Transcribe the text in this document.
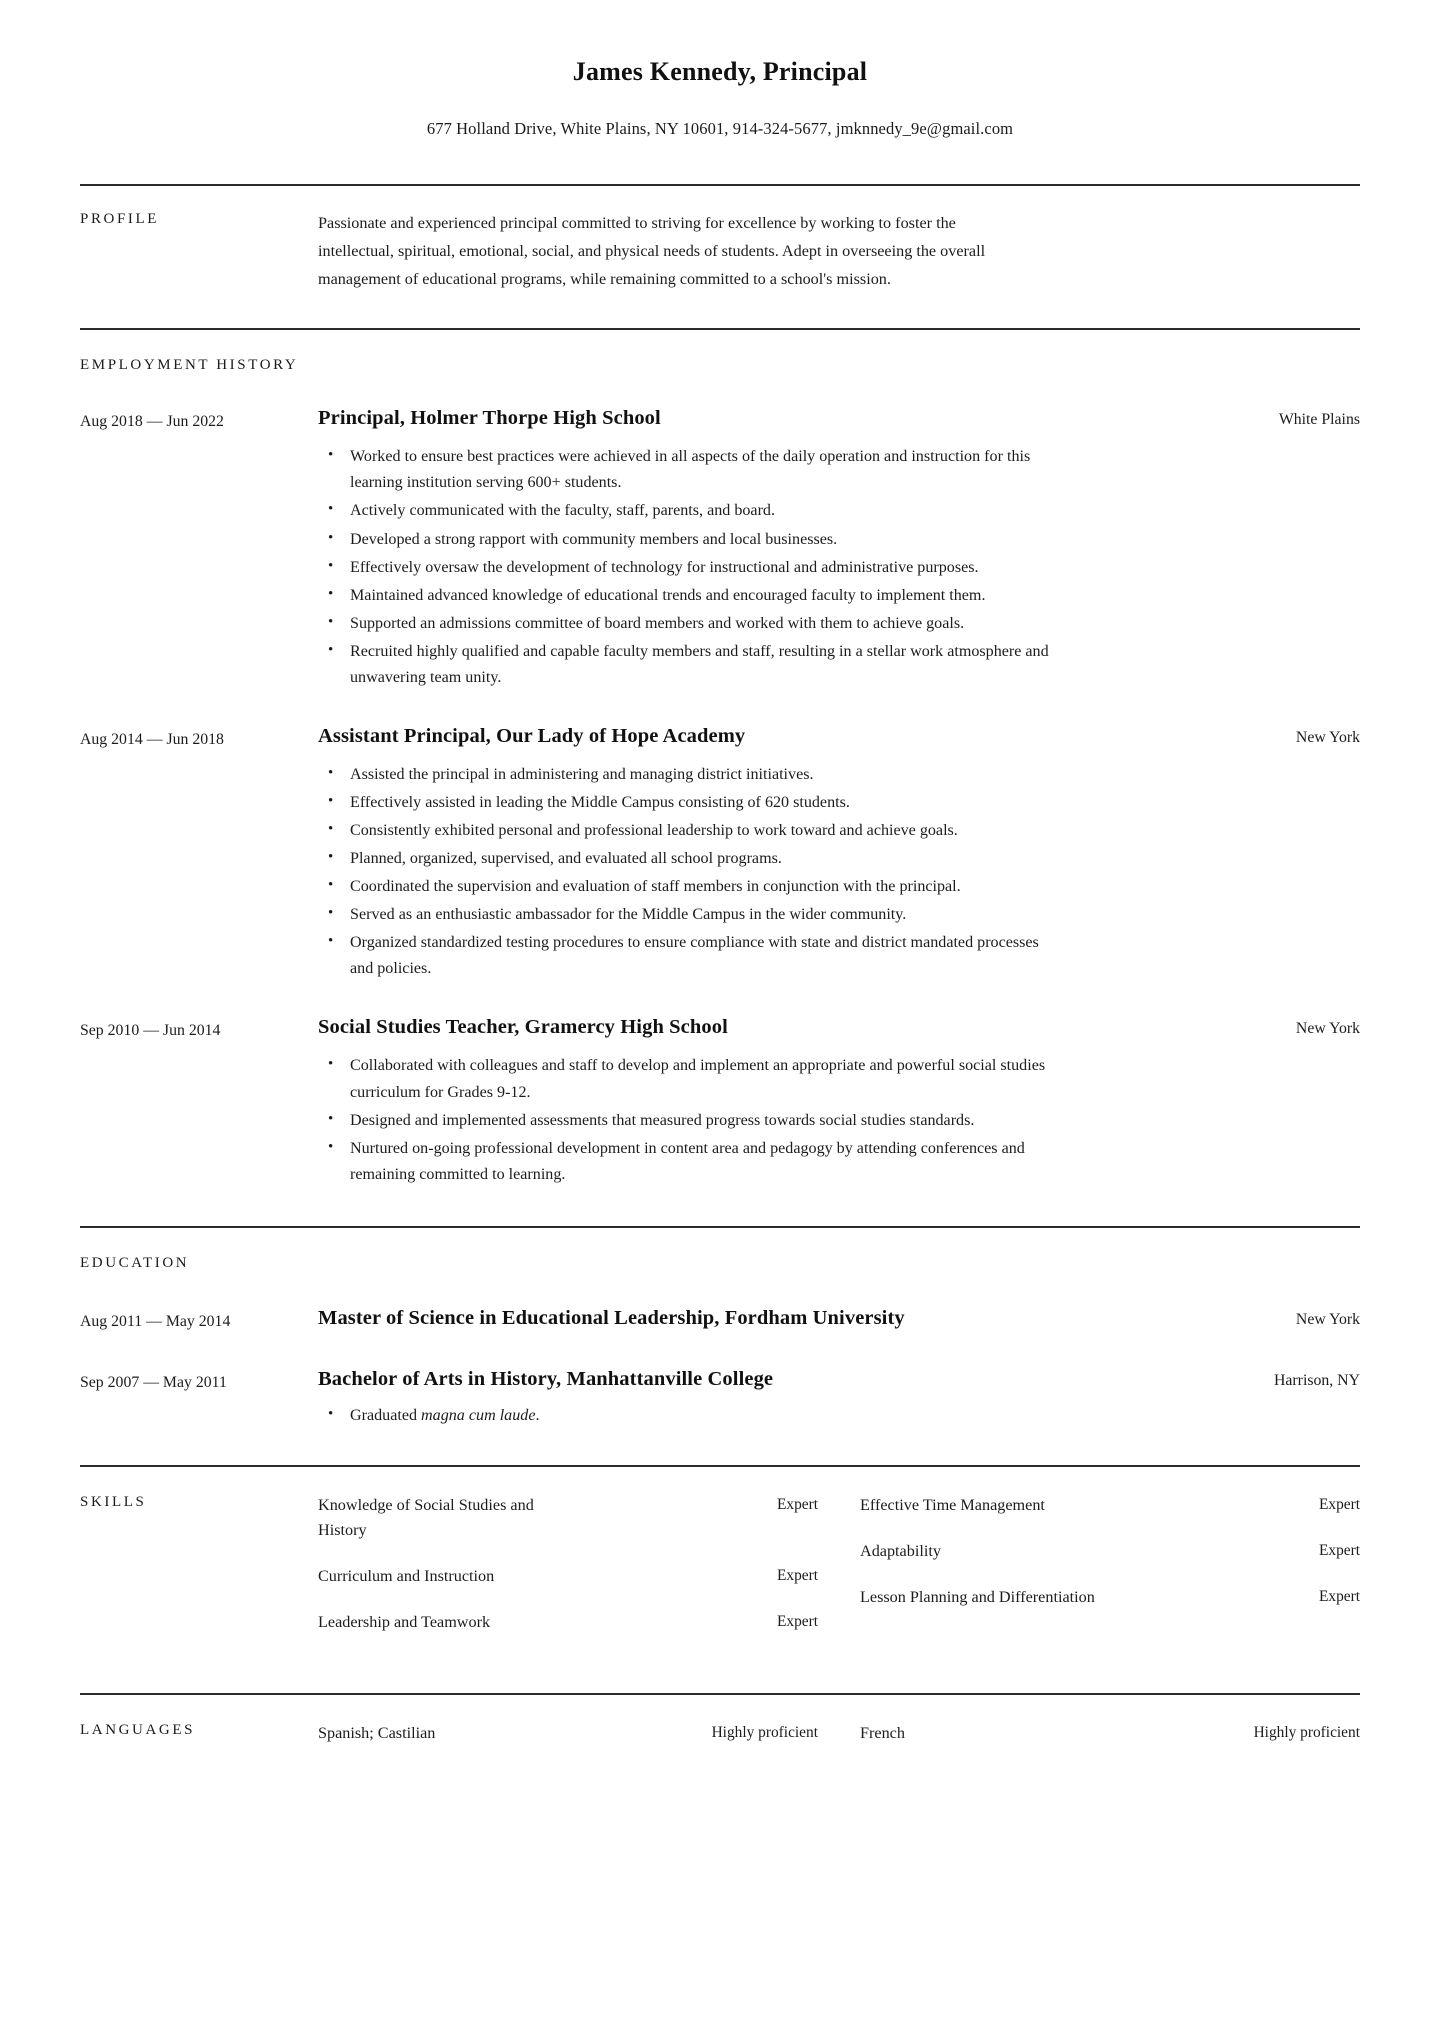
James Kennedy, Principal
677 Holland Drive, White Plains, NY 10601, 914-324-5677, jmknnedy_9e@gmail.com
PROFILE	Passionate and experienced principal committed to striving for excellence by working to foster the intellectual, spiritual, emotional, social, and physical needs of students. Adept in overseeing the overall management of educational programs, while remaining committed to a school's mission.
EMPLOYMENT HISTORY
Aug 2018 — Jun 2022	Principal, Holmer Thorpe High School	White Plains
• Worked to ensure best practices were achieved in all aspects of the daily operation and instruction for this learning institution serving 600+ students.
• Actively communicated with the faculty, staff, parents, and board.
• Developed a strong rapport with community members and local businesses.
• Effectively oversaw the development of technology for instructional and administrative purposes.
• Maintained advanced knowledge of educational trends and encouraged faculty to implement them.
• Supported an admissions committee of board members and worked with them to achieve goals.
• Recruited highly qualified and capable faculty members and staff, resulting in a stellar work atmosphere and unwavering team unity.
Aug 2014 — Jun 2018	Assistant Principal, Our Lady of Hope Academy	New York
• Assisted the principal in administering and managing district initiatives.
• Effectively assisted in leading the Middle Campus consisting of 620 students.
• Consistently exhibited personal and professional leadership to work toward and achieve goals.
• Planned, organized, supervised, and evaluated all school programs.
• Coordinated the supervision and evaluation of staff members in conjunction with the principal.
• Served as an enthusiastic ambassador for the Middle Campus in the wider community.
• Organized standardized testing procedures to ensure compliance with state and district mandated processes and policies.
Sep 2010 — Jun 2014	Social Studies Teacher, Gramercy High School	New York
• Collaborated with colleagues and staff to develop and implement an appropriate and powerful social studies curriculum for Grades 9-12.
• Designed and implemented assessments that measured progress towards social studies standards.
• Nurtured on-going professional development in content area and pedagogy by attending conferences and remaining committed to learning.
EDUCATION
Aug 2011 — May 2014	Master of Science in Educational Leadership, Fordham University	New York
Sep 2007 — May 2011	Bachelor of Arts in History, Manhattanville College	Harrison, NY
• Graduated magna cum laude.
SKILLS	Knowledge of Social Studies and History
Expert
Curriculum and Instruction	Expert
Leadership and Teamwork	Expert
Effective Time Management	Expert
Adaptability	Expert
Lesson Planning and Differentiation	Expert
LANGUAGES	Spanish; Castilian	Highly proficient	French	Highly proficient
